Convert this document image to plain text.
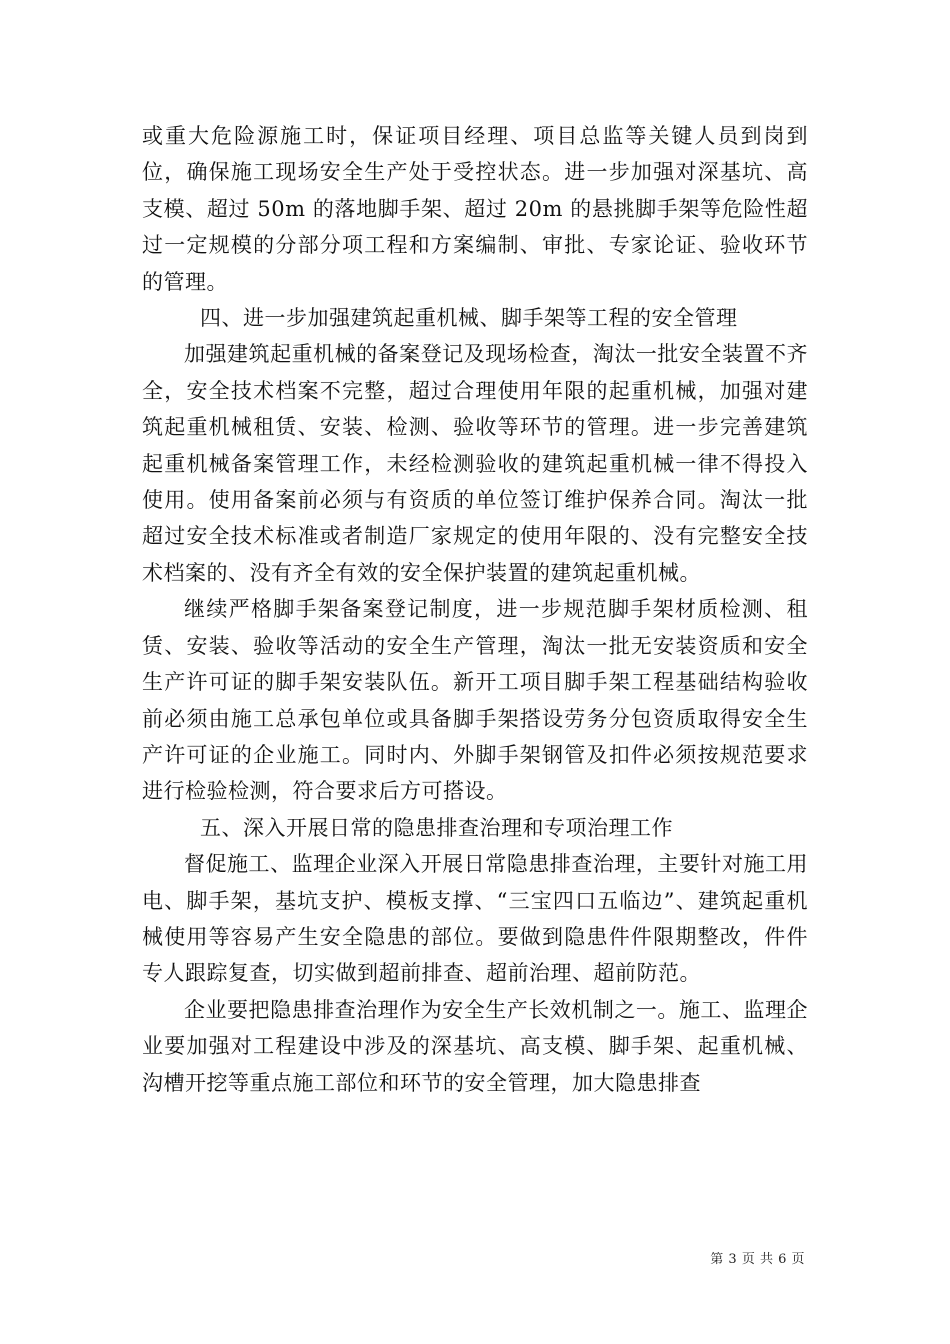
或重大危险源施工时，保证项目经理、项目总监等关键人员到岗到位，确保施工现场安全生产处于受控状态。进一步加强对深基坑、高支模、超过 50m 的落地脚手架、超过 20m 的悬挑脚手架等危险性超过一定规模的分部分项工程和方案编制、审批、专家论证、验收环节的管理。

四、进一步加强建筑起重机械、脚手架等工程的安全管理

加强建筑起重机械的备案登记及现场检查，淘汰一批安全装置不齐全，安全技术档案不完整，超过合理使用年限的起重机械，加强对建筑起重机械租赁、安装、检测、验收等环节的管理。进一步完善建筑起重机械备案管理工作，未经检测验收的建筑起重机械一律不得投入使用。使用备案前必须与有资质的单位签订维护保养合同。淘汰一批超过安全技术标准或者制造厂家规定的使用年限的、没有完整安全技术档案的、没有齐全有效的安全保护装置的建筑起重机械。

继续严格脚手架备案登记制度，进一步规范脚手架材质检测、租赁、安装、验收等活动的安全生产管理，淘汰一批无安装资质和安全生产许可证的脚手架安装队伍。新开工项目脚手架工程基础结构验收前必须由施工总承包单位或具备脚手架搭设劳务分包资质取得安全生产许可证的企业施工。同时内、外脚手架钢管及扣件必须按规范要求进行检验检测，符合要求后方可搭设。

五、深入开展日常的隐患排查治理和专项治理工作

督促施工、监理企业深入开展日常隐患排查治理，主要针对施工用电、脚手架，基坑支护、模板支撑、“三宝四口五临边”、建筑起重机械使用等容易产生安全隐患的部位。要做到隐患件件限期整改，件件专人跟踪复查，切实做到超前排查、超前治理、超前防范。

企业要把隐患排查治理作为安全生产长效机制之一。施工、监理企业要加强对工程建设中涉及的深基坑、高支模、脚手架、起重机械、沟槽开挖等重点施工部位和环节的安全管理，加大隐患排查

第 3 页 共 6 页
